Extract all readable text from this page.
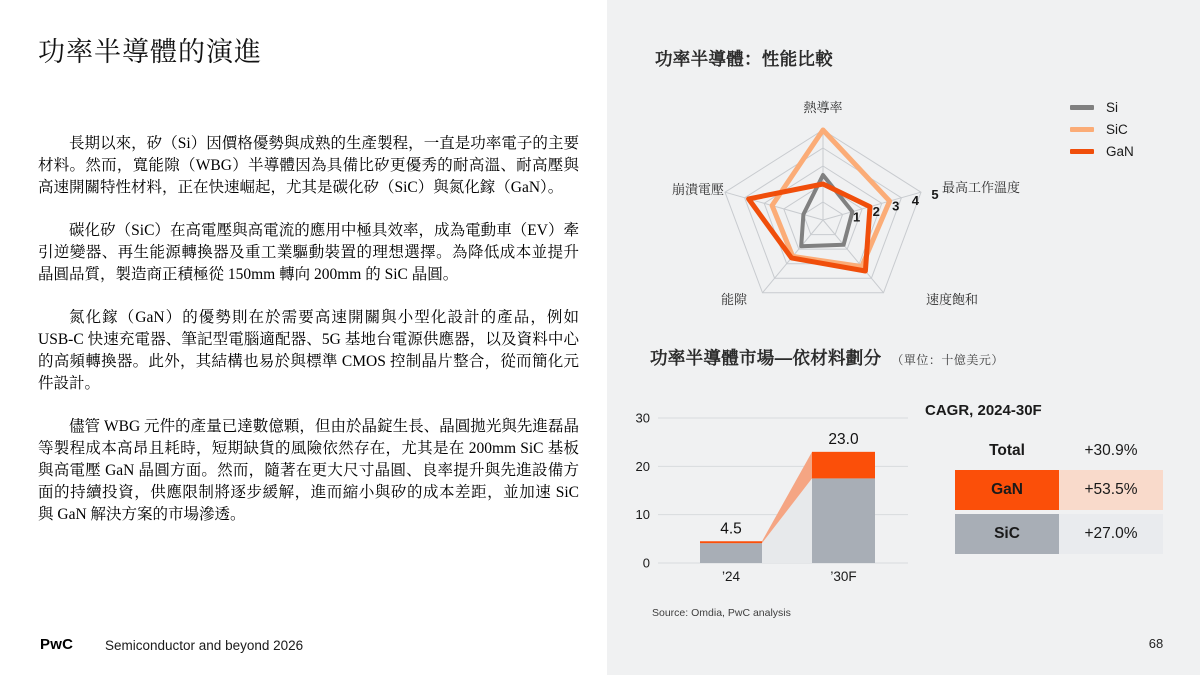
功率半導體的演進

長期以來，矽（Si）因價格優勢與成熟的生產製程，一直是功率電子的主要材料。然而，寬能隙（WBG）半導體因為具備比矽更優秀的耐高溫、耐高壓與高速開關特性材料，正在快速崛起，尤其是碳化矽（SiC）與氮化鎵（GaN）。

碳化矽（SiC）在高電壓與高電流的應用中極具效率，成為電動車（EV）牽引逆變器、再生能源轉換器及重工業驅動裝置的理想選擇。為降低成本並提升晶圓品質，製造商正積極從 150mm 轉向 200mm 的 SiC 晶圓。

氮化鎵（GaN）的優勢則在於需要高速開關與小型化設計的產品，例如 USB-C 快速充電器、筆記型電腦適配器、5G 基地台電源供應器，以及資料中心的高頻轉換器。此外，其結構也易於與標準 CMOS 控制晶片整合，從而簡化元件設計。

儘管 WBG 元件的產量已達數億顆，但由於晶錠生長、晶圓拋光與先進磊晶等製程成本高昂且耗時，短期缺貨的風險依然存在，尤其是在 200mm SiC 基板與高電壓 GaN 晶圓方面。然而，隨著在更大尺寸晶圓、良率提升與先進設備方面的持續投資，供應限制將逐步緩解，進而縮小與矽的成本差距，並加速 SiC 與 GaN 解決方案的市場滲透。

PwC Semiconductor and beyond 2026
功率半導體：性能比較
1 2 3 4 5
熱導率
最高工作溫度
速度飽和
能隙
崩潰電壓
Si
SiC
GaN
功率半導體市場—依材料劃分 （單位：十億美元）
0
10
20
30
4.5
’24
23.0
’30F
CAGR, 2024-30F
Total	+30.9%
GaN	+53.5%
SiC	+27.0%
Source: Omdia, PwC analysis
68
